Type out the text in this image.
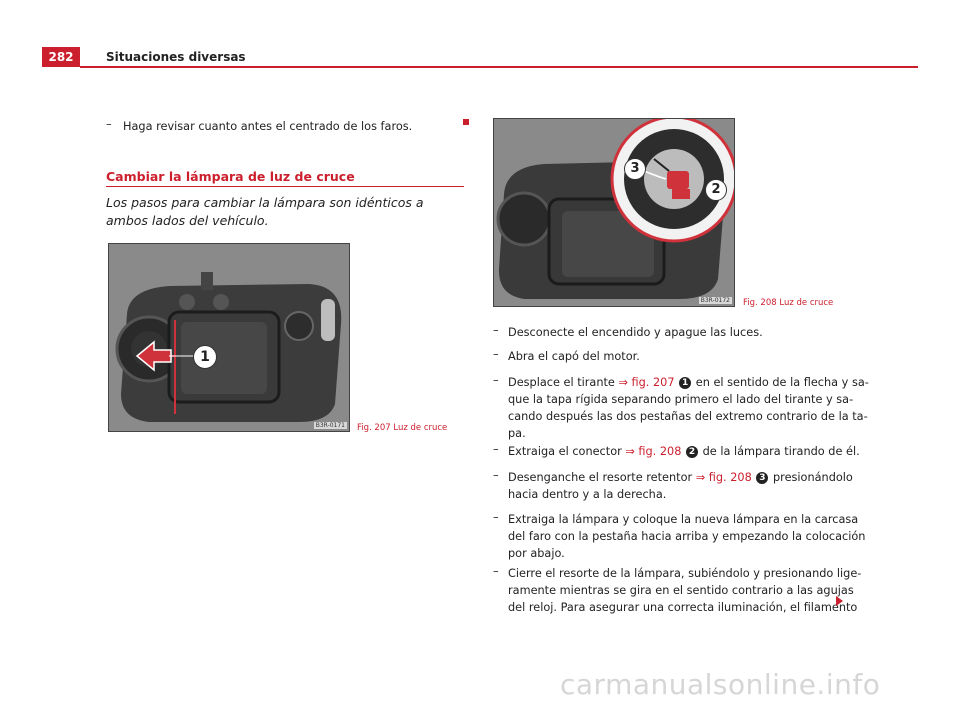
282	Situaciones diversas
– Haga revisar cuanto antes el centrado de los faros.
Cambiar la lámpara de luz de cruce
Los pasos para cambiar la lámpara son idénticos a ambos lados del vehículo.
1
B3R-0171 Fig. 207 Luz de cruce
3
2
B3R-0172 Fig. 208 Luz de cruce
– Desconecte el encendido y apague las luces.
– Abra el capó del motor.
– Desplace el tirante ⇒ fig. 207 1 en el sentido de la flecha y sa-
que la tapa rígida separando primero el lado del tirante y sa-
cando después las dos pestañas del extremo contrario de la ta-
pa.
– Extraiga el conector ⇒ fig. 208 2 de la lámpara tirando de él.
– Desenganche el resorte retentor ⇒ fig. 208 3 presionándolo
hacia dentro y a la derecha.
– Extraiga la lámpara y coloque la nueva lámpara en la carcasa
del faro con la pestaña hacia arriba y empezando la colocación
por abajo.
– Cierre el resorte de la lámpara, subiéndolo y presionando lige-
ramente mientras se gira en el sentido contrario a las agujas
del reloj. Para asegurar una correcta iluminación, el filamento
carmanualsonline.info
